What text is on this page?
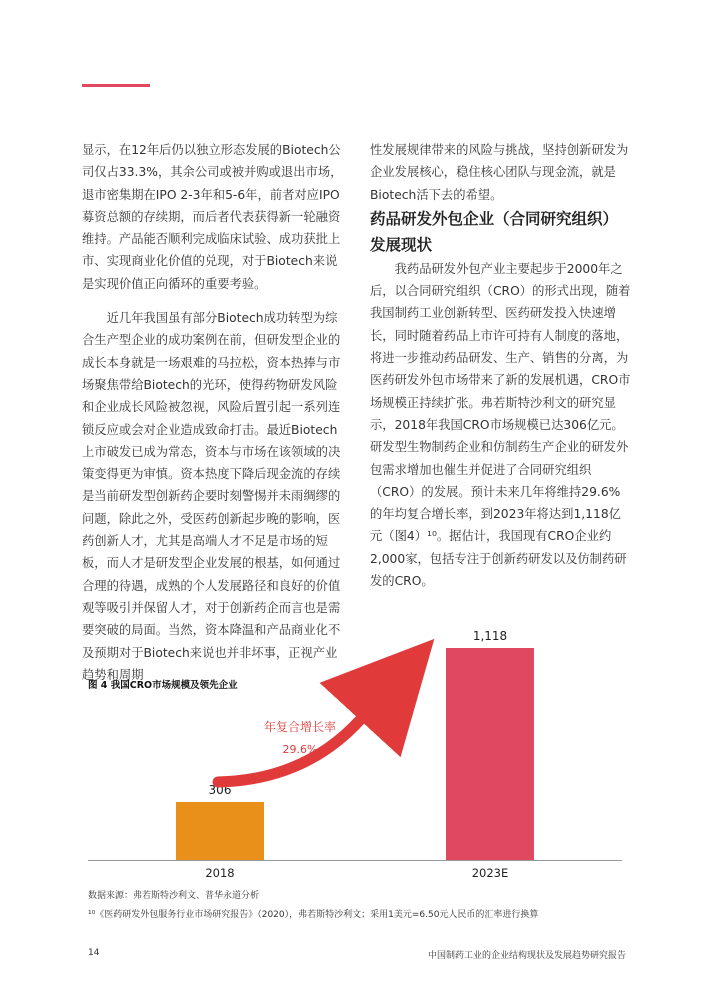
显示，在12年后仍以独立形态发展的Biotech公司仅占33.3%，其余公司或被并购或退出市场，退市密集期在IPO 2-3年和5-6年，前者对应IPO募资总额的存续期，而后者代表获得新一轮融资维持。产品能否顺利完成临床试验、成功获批上市、实现商业化价值的兑现，对于Biotech来说是实现价值正向循环的重要考验。

近几年我国虽有部分Biotech成功转型为综合生产型企业的成功案例在前，但研发型企业的成长本身就是一场艰难的马拉松，资本热捧与市场聚焦带给Biotech的光环，使得药物研发风险和企业成长风险被忽视，风险后置引起一系列连锁反应或会对企业造成致命打击。最近Biotech上市破发已成为常态，资本与市场在该领域的决策变得更为审慎。资本热度下降后现金流的存续是当前研发型创新药企要时刻警惕并未雨绸缪的问题，除此之外，受医药创新起步晚的影响，医药创新人才，尤其是高端人才不足是市场的短板，而人才是研发型企业发展的根基，如何通过合理的待遇，成熟的个人发展路径和良好的价值观等吸引并保留人才，对于创新药企而言也是需要突破的局面。当然，资本降温和产品商业化不及预期对于Biotech来说也并非坏事，正视产业趋势和周期

性发展规律带来的风险与挑战，坚持创新研发为企业发展核心，稳住核心团队与现金流，就是Biotech活下去的希望。

药品研发外包企业（合同研究组织）发展现状

我药品研发外包产业主要起步于2000年之后，以合同研究组织（CRO）的形式出现，随着我国制药工业创新转型、医药研发投入快速增长，同时随着药品上市许可持有人制度的落地，将进一步推动药品研发、生产、销售的分离，为医药研发外包市场带来了新的发展机遇，CRO市场规模正持续扩张。弗若斯特沙利文的研究显示，2018年我国CRO市场规模已达306亿元。研发型生物制药企业和仿制药生产企业的研发外包需求增加也催生并促进了合同研究组织（CRO）的发展。预计未来几年将维持29.6%的年均复合增长率，到2023年将达到1,118亿元（图4）¹⁰。据估计，我国现有CRO企业约2,000家，包括专注于创新药研发以及仿制药研发的CRO。

图 4 我国CRO市场规模及领先企业
306
1,118
2018	2023E
年复合增长率
29.6%
数据来源：弗若斯特沙利文、普华永道分析
¹⁰《医药研发外包服务行业市场研究报告》（2020），弗若斯特沙利文；采用1美元=6.50元人民币的汇率进行换算
14	中国制药工业的企业结构现状及发展趋势研究报告
